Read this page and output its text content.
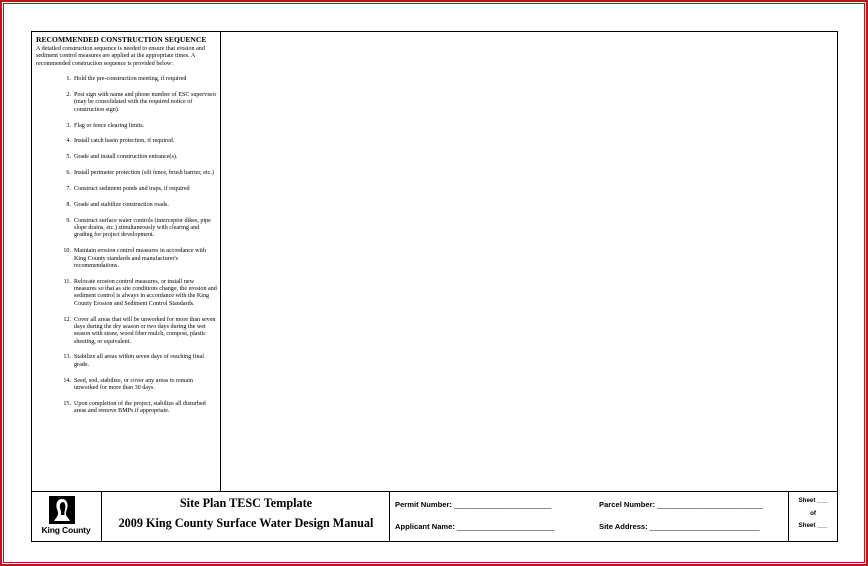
RECOMMENDED CONSTRUCTION SEQUENCE
A detailed construction sequence is needed to ensure that erosion and sediment control measures are applied at the appropriate times. A recommended construction sequence is provided below:
1. Hold the pre-construction meeting, if required
2. Post sign with name and phone number of ESC supervisor (may be consolidated with the required notice of construction sign).
3. Flag or fence clearing limits.
4. Install catch basin protection, if required.
5. Grade and install construction entrance(s).
6. Install perimeter protection (silt fence, brush barrier, etc.)
7. Construct sediment ponds and traps, if required
8. Grade and stabilize construction roads.
9. Construct surface water controls (interceptor dikes, pipe slope drains, etc.) simultaneously with clearing and grading for project development.
10. Maintain erosion control measures in accordance with King County standards and manufacturer's recommendations.
11. Relocate erosion control measures, or install new measures so that as site conditions change, the erosion and sediment control is always in accordance with the King County Erosion and Sediment Control Standards.
12. Cover all areas that will be unworked for more than seven days during the dry season or two days during the wet season with straw, wood fiber mulch, compost, plastic sheeting, or equivalent.
13. Stabilize all areas within seven days of reaching final grade.
14. Seed, sod, stabilize, or cover any areas to remain unworked for more than 30 days.
15. Upon completion of the project, stabilize all disturbed areas and remove BMPs if appropriate.
King County
Site Plan TESC Template
2009 King County Surface Water Design Manual
Permit Number: _______________________	Parcel Number: _________________________
Applicant Name: _______________________	Site Address: __________________________
Sheet ___
of
Sheet ___
